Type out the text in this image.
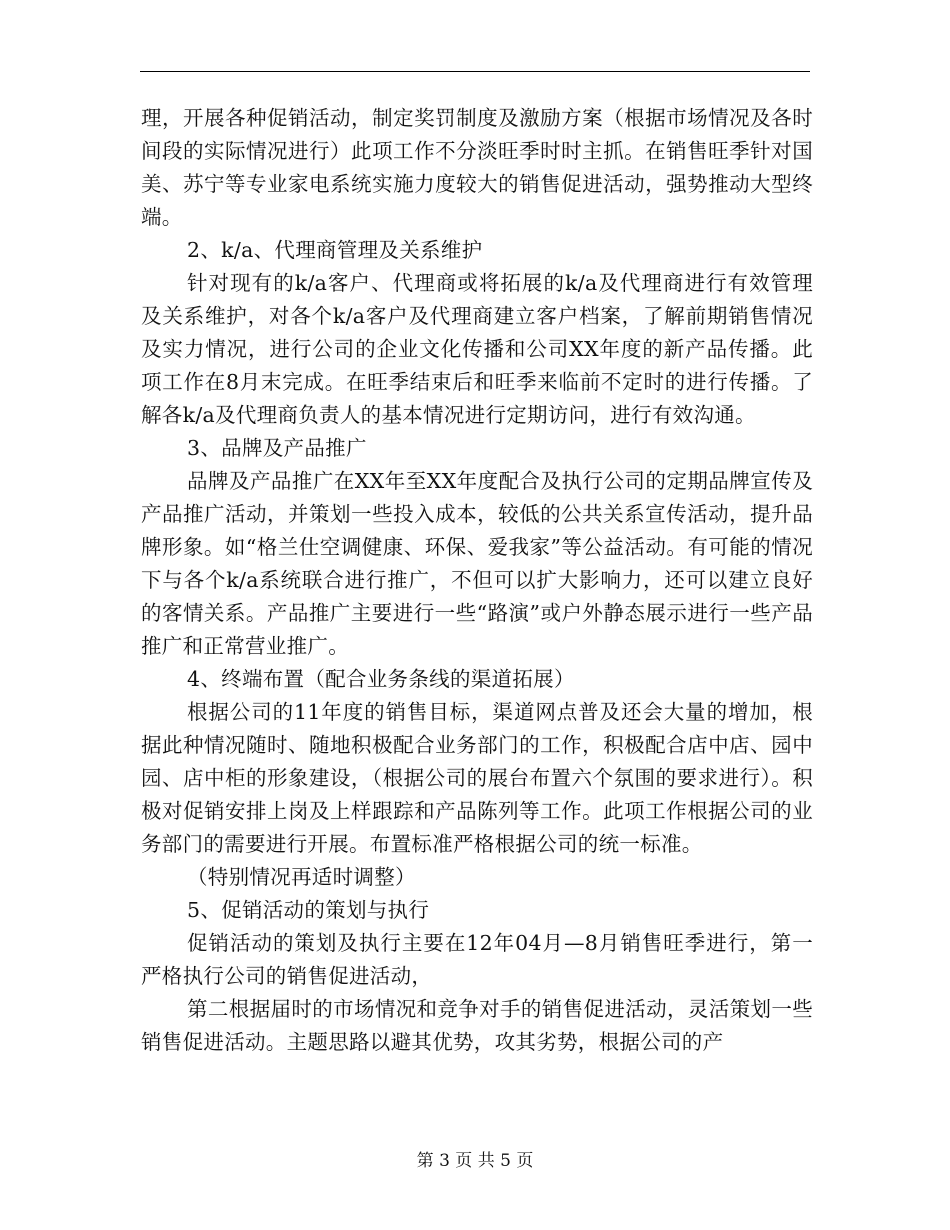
理，开展各种促销活动，制定奖罚制度及激励方案（根据市场情况及各时间段的实际情况进行）此项工作不分淡旺季时时主抓。在销售旺季针对国美、苏宁等专业家电系统实施力度较大的销售促进活动，强势推动大型终端。

2、k/a、代理商管理及关系维护

针对现有的k/a客户、代理商或将拓展的k/a及代理商进行有效管理及关系维护，对各个k/a客户及代理商建立客户档案，了解前期销售情况及实力情况，进行公司的企业文化传播和公司XX年度的新产品传播。此项工作在8月末完成。在旺季结束后和旺季来临前不定时的进行传播。了解各k/a及代理商负责人的基本情况进行定期访问，进行有效沟通。

3、品牌及产品推广

品牌及产品推广在XX年至XX年度配合及执行公司的定期品牌宣传及产品推广活动，并策划一些投入成本，较低的公共关系宣传活动，提升品牌形象。如“格兰仕空调健康、环保、爱我家”等公益活动。有可能的情况下与各个k/a系统联合进行推广，不但可以扩大影响力，还可以建立良好的客情关系。产品推广主要进行一些“路演”或户外静态展示进行一些产品推广和正常营业推广。

4、终端布置（配合业务条线的渠道拓展）

根据公司的11年度的销售目标，渠道网点普及还会大量的增加，根据此种情况随时、随地积极配合业务部门的工作，积极配合店中店、园中园、店中柜的形象建设，（根据公司的展台布置六个氛围的要求进行）。积极对促销安排上岗及上样跟踪和产品陈列等工作。此项工作根据公司的业务部门的需要进行开展。布置标准严格根据公司的统一标准。

（特别情况再适时调整）

5、促销活动的策划与执行

促销活动的策划及执行主要在12年04月—8月销售旺季进行，第一严格执行公司的销售促进活动，

第二根据届时的市场情况和竞争对手的销售促进活动，灵活策划一些销售促进活动。主题思路以避其优势，攻其劣势，根据公司的产

第 3 页 共 5 页
